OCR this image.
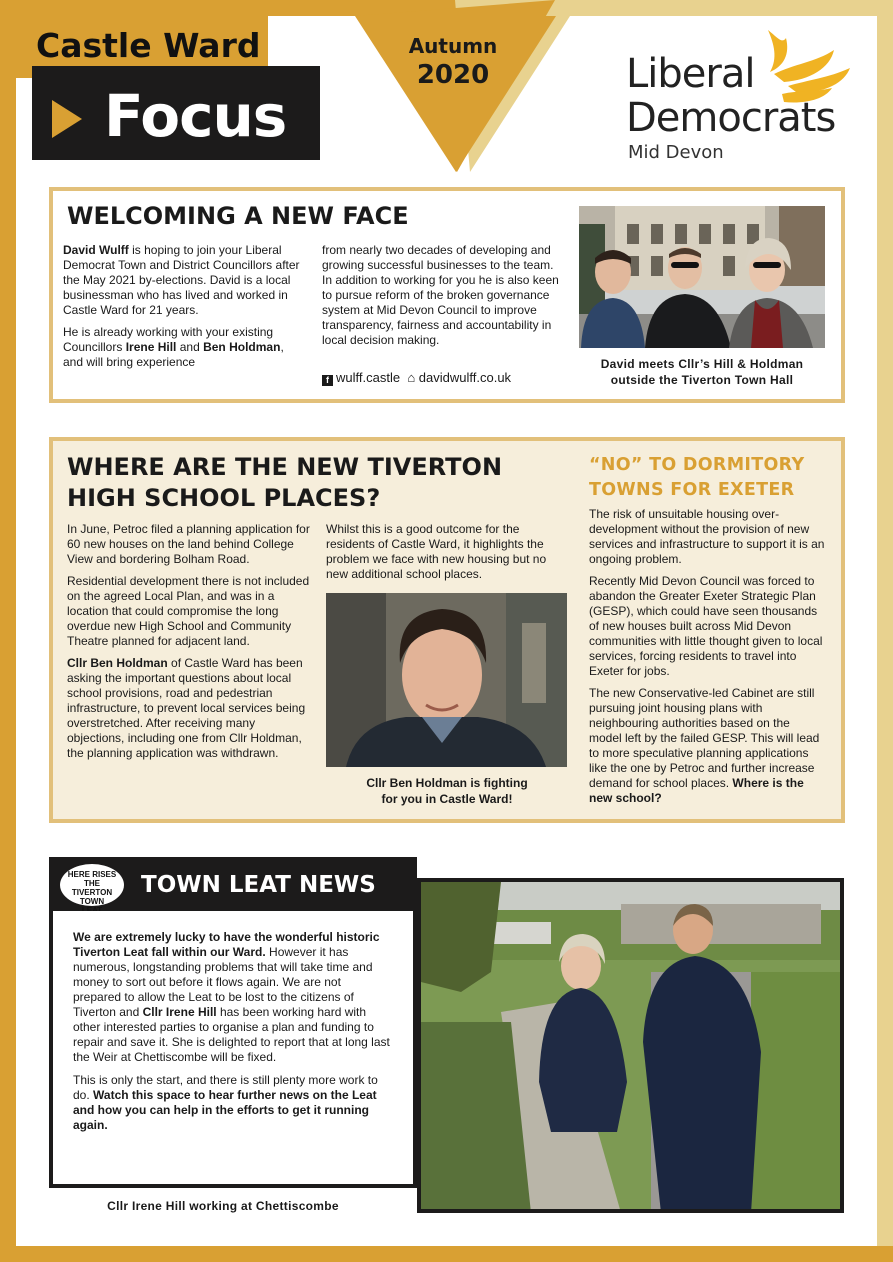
Castle Ward
Focus
Autumn
2020	Liberal
Democrats
Mid Devon
WELCOMING A NEW FACE

David Wulff is hoping to join your Liberal Democrat Town and District Councillors after the May 2021 by-elections. David is a local businessman who has lived and worked in Castle Ward for 21 years.

He is already working with your existing Councillors Irene Hill and Ben Holdman, and will bring experience

from nearly two decades of developing and growing successful businesses to the team. In addition to working for you he is also keen to pursue reform of the broken governance system at Mid Devon Council to improve transparency, fairness and accountability in local decision making.

f wulff.castle ⌂ davidwulff.co.uk
David meets Cllr’s Hill & Holdman
outside the Tiverton Town Hall
WHERE ARE THE NEW TIVERTON HIGH SCHOOL PLACES?

In June, Petroc filed a planning application for 60 new houses on the land behind College View and bordering Bolham Road.

Residential development there is not included on the agreed Local Plan, and was in a location that could compromise the long overdue new High School and Community Theatre planned for adjacent land.

Cllr Ben Holdman of Castle Ward has been asking the important questions about local school provisions, road and pedestrian infrastructure, to prevent local services being overstretched. After receiving many objections, including one from Cllr Holdman, the planning application was withdrawn.

Whilst this is a good outcome for the residents of Castle Ward, it highlights the problem we face with new housing but no new additional school places.

Cllr Ben Holdman is fighting
for you in Castle Ward!
“NO” TO DORMITORY TOWNS FOR EXETER

The risk of unsuitable housing over-development without the provision of new services and infrastructure to support it is an ongoing problem.

Recently Mid Devon Council was forced to abandon the Greater Exeter Strategic Plan (GESP), which could have seen thousands of new houses built across Mid Devon communities with little thought given to local services, forcing residents to travel into Exeter for jobs.

The new Conservative-led Cabinet are still pursuing joint housing plans with neighbouring authorities based on the model left by the failed GESP. This will lead to more speculative planning applications like the one by Petroc and further increase demand for school places. Where is the new school?

HERE RISES
THE
TIVERTON TOWN
TOWN LEAT NEWS

We are extremely lucky to have the wonderful historic Tiverton Leat fall within our Ward. However it has numerous, longstanding problems that will take time and money to sort out before it flows again. We are not prepared to allow the Leat to be lost to the citizens of Tiverton and Cllr Irene Hill has been working hard with other interested parties to organise a plan and funding to repair and save it. She is delighted to report that at long last the Weir at Chettiscombe will be fixed.

This is only the start, and there is still plenty more work to do. Watch this space to hear further news on the Leat and how you can help in the efforts to get it running again.

Cllr Irene Hill working at Chettiscombe
